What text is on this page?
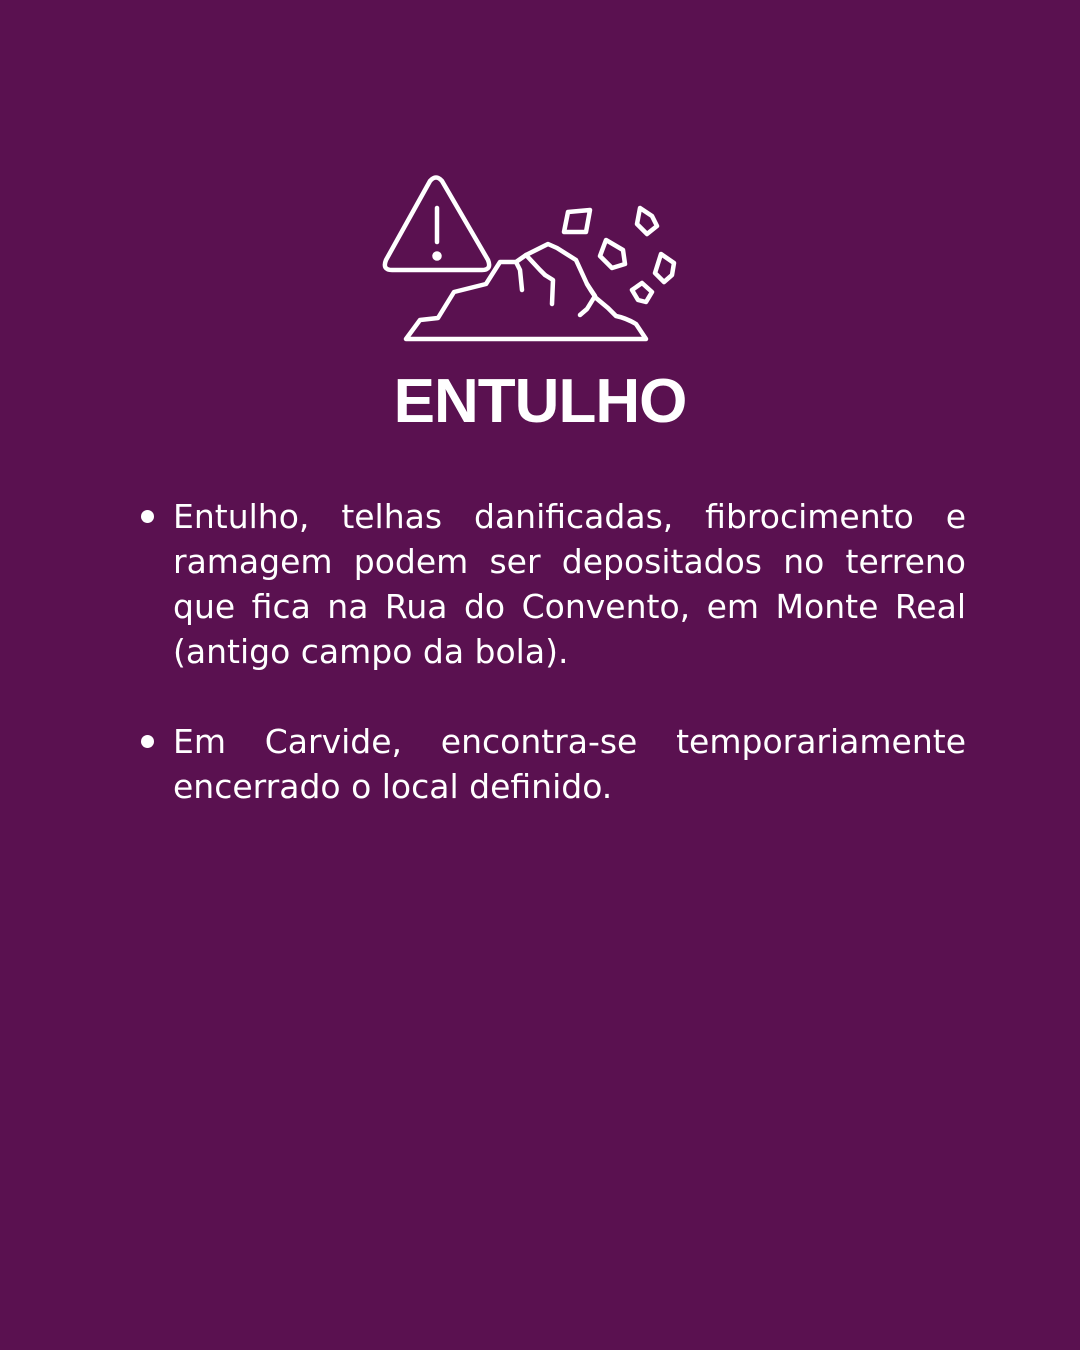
ENTULHO
Entulho, telhas danificadas, fibrocimento e ramagem podem ser depositados no terreno que fica na Rua do Convento, em Monte Real (antigo campo da bola).
Em Carvide, encontra-se temporariamente encerrado o local definido.
